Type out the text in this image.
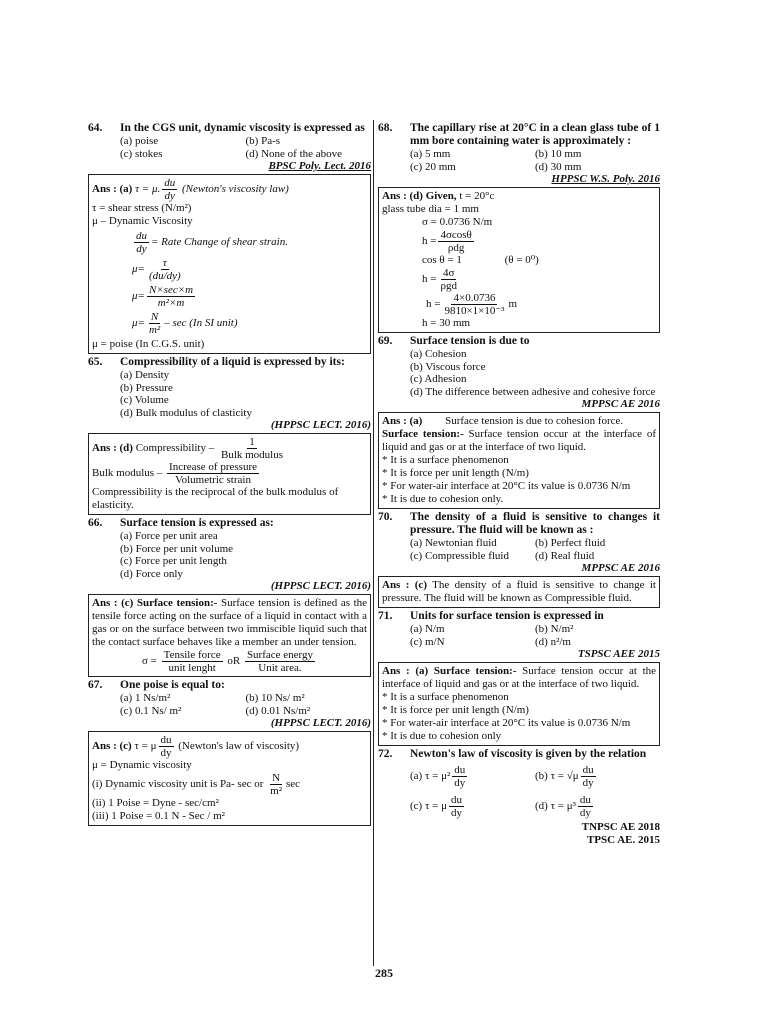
64.	In the CGS unit, dynamic viscosity is expressed as
(a) poise	(b) Pa-s
(c) stokes	(d) None of the above
BPSC Poly. Lect. 2016
Ans : (a) τ = μ. $\frac{du}{dy}$ (Newton's viscosity law)
τ = shear stress (N/m²)
μ – Dynamic Viscosity
$\frac{du}{dy}$ = Rate Change of shear strain.
$\mu= \frac{\tau}{(du/dy)}$
$\mu= \frac{N\times\sec\times m}{\text{m²×m}}$
$\mu= \frac{N}{\text{m²}} - \sec (In$ SI unit)
μ = poise (In C.G.S. unit)
65.	Compressibility of a liquid is expressed by its:
(a) Density
(b) Pressure
(c) Volume
(d) Bulk modulus of clasticity
(HPPSC LECT. 2016)
Ans : (d) Compressibility – $\frac{1}{\text{Bulk modulus}}$
Bulk modulus – $\frac{\text{Increase of pressure}}{\text{Volumetric strain}}$
Compressibility is the reciprocal of the bulk modulus of elasticity.
66.	Surface tension is expressed as:
(a) Force per unit area
(b) Force per unit volume
(c) Force per unit length
(d) Force only
(HPPSC LECT. 2016)
Ans : (c) Surface tension:- Surface tension is defined as the tensile force acting on the surface of a liquid in contact with a gas or on the surface between two immiscible liquid such that the contact surface behaves like a member an under tension.
$\sigma = \frac{\text{Tensile force}}{\text{unit lenght}}$ oR $\frac{\text{Surface energy}}{\text{Unit area.}}$
67.	One poise is equal to:
(a) 1 Ns/m²	(b) 10 Ns/ m²
(c) 0.1 Ns/ m²	(d) 0.01 Ns/m²
(HPPSC LECT. 2016)
Ans : (c) τ = μ $\frac{du}{dy}$ (Newton's law of viscosity)
μ = Dynamic viscosity
(i) Dynamic viscosity unit is Pa- sec or $\frac{N}{\text{m²}}$ sec
(ii) 1 Poise = Dyne - sec/cm²
(iii) 1 Poise = 0.1 N - Sec / m²
68.	The capillary rise at 20°C in a clean glass tube of 1 mm bore containing water is approximately :
(a) 5 mm	(b) 10 mm
(c) 20 mm	(d) 30 mm
HPPSC W.S. Poly. 2016
Ans : (d) Given, t = 20°c
glass tube dia = 1 mm
σ = 0.0736 N/m
$h = \frac{4\sigma\cos\theta}{\text{ρdg}}$
cos θ = 1	(θ = 0⁰)
$h = \frac{4\sigma}{\text{ρgd}}$
$h = \frac{4\times 0.0736}{\text{9810×1×10⁻³}}$ m
h = 30 mm
69.	Surface tension is due to
(a) Cohesion
(b) Viscous force
(c) Adhesion
(d) The difference between adhesive and cohesive force
MPPSC AE 2016
Ans : (a) Surface tension is due to cohesion force.
Surface tension:- Surface tension occur at the interface of liquid and gas or at the interface of two liquid.
* It is a surface phenomenon
* It is force per unit length (N/m)
* For water-air interface at 20°C its value is 0.0736 N/m
* It is due to cohesion only.
70.	The density of a fluid is sensitive to changes it pressure. The fluid will be known as :
(a) Newtonian fluid	(b) Perfect fluid
(c) Compressible fluid	(d) Real fluid
MPPSC AE 2016
Ans : (c) The density of a fluid is sensitive to change it pressure. The fluid will be known as Compressible fluid.
71.	Units for surface tension is expressed in
(a) N/m	(b) N/m²
(c) m/N	(d) n²/m
TSPSC AEE 2015
Ans : (a) Surface tension:- Surface tension occur at the interface of liquid and gas or at the interface of two liquid.
* It is a surface phenomenon
* It is force per unit length (N/m)
* For water-air interface at 20°C its value is 0.0736 N/m
* It is due to cohesion only
72.	Newton's law of viscosity is given by the relation
(a) $\tau = \mu^2 \frac{du}{dy}$	(b) $\tau = √\mu \frac{du}{dy}$
(c) τ = μ $\frac{du}{dy}$	(d) $\tau = \mu^3 \frac{du}{dy}$
TNPSC AE 2018
TPSC AE. 2015
285
